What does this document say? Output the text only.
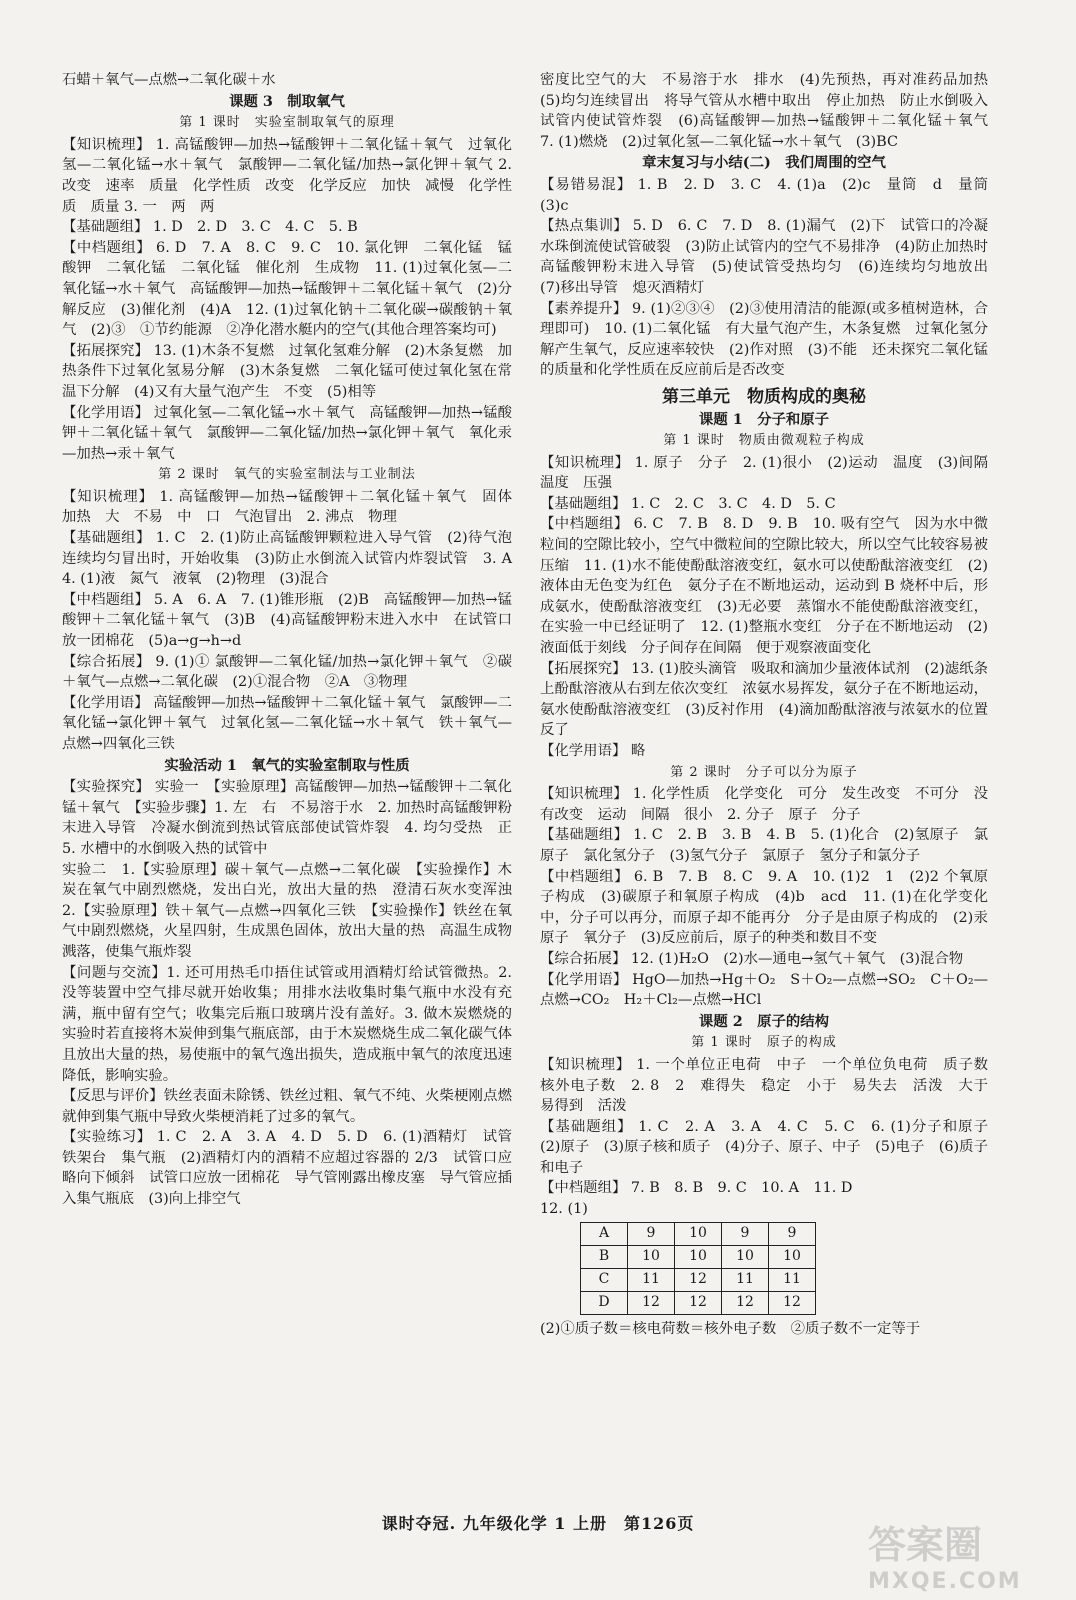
石蜡＋氧气—点燃→二氧化碳＋水

课题 3　制取氧气
第 1 课时　实验室制取氧气的原理

【知识梳理】 1. 高锰酸钾—加热→锰酸钾＋二氧化锰＋氧气　过氧化氢—二氧化锰→水＋氧气　氯酸钾—二氧化锰/加热→氯化钾＋氧气 2. 改变　速率　质量　化学性质　改变　化学反应　加快　减慢　化学性质　质量 3. 一　两　两

【基础题组】 1. D　2. D　3. C　4. C　5. B

【中档题组】 6. D　7. A　8. C　9. C　10. 氯化钾　二氧化锰　锰酸钾　二氧化锰　二氧化锰　催化剂　生成物　11. (1)过氧化氢—二氧化锰→水＋氧气　高锰酸钾—加热→锰酸钾＋二氧化锰＋氧气　(2)分解反应　(3)催化剂　(4)A　12. (1)过氧化钠＋二氧化碳→碳酸钠＋氧气　(2)③　①节约能源　②净化潜水艇内的空气(其他合理答案均可)

【拓展探究】 13. (1)木条不复燃　过氧化氢难分解　(2)木条复燃　加热条件下过氧化氢易分解　(3)木条复燃　二氧化锰可使过氧化氢在常温下分解　(4)又有大量气泡产生　不变　(5)相等

【化学用语】 过氧化氢—二氧化锰→水＋氧气　高锰酸钾—加热→锰酸钾＋二氧化锰＋氧气　氯酸钾—二氧化锰/加热→氯化钾＋氧气　氧化汞—加热→汞＋氧气

第 2 课时　氧气的实验室制法与工业制法

【知识梳理】 1. 高锰酸钾—加热→锰酸钾＋二氧化锰＋氧气　固体　加热　大　不易　中　口　气泡冒出　2. 沸点　物理

【基础题组】 1. C　2. (1)防止高锰酸钾颗粒进入导气管　(2)待气泡连续均匀冒出时，开始收集　(3)防止水倒流入试管内炸裂试管　3. A　4. (1)液　氮气　液氧　(2)物理　(3)混合

【中档题组】 5. A　6. A　7. (1)锥形瓶　(2)B　高锰酸钾—加热→锰酸钾＋二氧化锰＋氧气　(3)B　(4)高锰酸钾粉末进入水中　在试管口放一团棉花　(5)a→g→h→d

【综合拓展】 9. (1)① 氯酸钾—二氧化锰/加热→氯化钾＋氧气　②碳＋氧气—点燃→二氧化碳　(2)①混合物　②A　③物理

【化学用语】 高锰酸钾—加热→锰酸钾＋二氧化锰＋氧气　氯酸钾—二氧化锰→氯化钾＋氧气　过氧化氢—二氧化锰→水＋氧气　铁＋氧气—点燃→四氧化三铁

实验活动 1　氧气的实验室制取与性质

【实验探究】 实验一　【实验原理】高锰酸钾—加热→锰酸钾＋二氧化锰＋氧气　【实验步骤】1. 左　右　不易溶于水　2. 加热时高锰酸钾粉末进入导管　冷凝水倒流到热试管底部使试管炸裂　4. 均匀受热　正　5. 水槽中的水倒吸入热的试管中

实验二　1.【实验原理】碳＋氧气—点燃→二氧化碳　【实验操作】木炭在氧气中剧烈燃烧，发出白光，放出大量的热　澄清石灰水变浑浊　2.【实验原理】铁＋氧气—点燃→四氧化三铁　【实验操作】铁丝在氧气中剧烈燃烧，火星四射，生成黑色固体，放出大量的热　高温生成物溅落，使集气瓶炸裂

【问题与交流】1. 还可用热毛巾捂住试管或用酒精灯给试管微热。2. 没等装置中空气排尽就开始收集；用排水法收集时集气瓶中水没有充满，瓶中留有空气；收集完后瓶口玻璃片没有盖好。3. 做木炭燃烧的实验时若直接将木炭伸到集气瓶底部，由于木炭燃烧生成二氧化碳气体且放出大量的热，易使瓶中的氧气逸出损失，造成瓶中氧气的浓度迅速降低，影响实验。

【反思与评价】铁丝表面未除锈、铁丝过粗、氧气不纯、火柴梗刚点燃就伸到集气瓶中导致火柴梗消耗了过多的氧气。

【实验练习】 1. C　2. A　3. A　4. D　5. D　6. (1)酒精灯　试管　铁架台　集气瓶　(2)酒精灯内的酒精不应超过容器的 2/3　试管口应略向下倾斜　试管口应放一团棉花　导气管刚露出橡皮塞　导气管应插入集气瓶底　(3)向上排空气

密度比空气的大　不易溶于水　排水　(4)先预热，再对准药品加热　(5)均匀连续冒出　将导气管从水槽中取出　停止加热　防止水倒吸入试管内使试管炸裂　(6)高锰酸钾—加热→锰酸钾＋二氧化锰＋氧气　7. (1)燃烧　(2)过氧化氢—二氧化锰→水＋氧气　(3)BC

章末复习与小结(二)　我们周围的空气

【易错易混】 1. B　2. D　3. C　4. (1)a　(2)c　量筒　d　量筒　(3)c

【热点集训】 5. D　6. C　7. D　8. (1)漏气　(2)下　试管口的冷凝水珠倒流使试管破裂　(3)防止试管内的空气不易排净　(4)防止加热时高锰酸钾粉末进入导管　(5)使试管受热均匀　(6)连续均匀地放出　(7)移出导管　熄灭酒精灯

【素养提升】 9. (1)②③④　(2)③使用清洁的能源(或多植树造林，合理即可)　10. (1)二氧化锰　有大量气泡产生，木条复燃　过氧化氢分解产生氧气，反应速率较快　(2)作对照　(3)不能　还未探究二氧化锰的质量和化学性质在反应前后是否改变

第三单元　物质构成的奥秘
课题 1　分子和原子
第 1 课时　物质由微观粒子构成

【知识梳理】 1. 原子　分子　2. (1)很小　(2)运动　温度　(3)间隔　温度　压强

【基础题组】 1. C　2. C　3. C　4. D　5. C

【中档题组】 6. C　7. B　8. D　9. B　10. 吸有空气　因为水中微粒间的空隙比较小，空气中微粒间的空隙比较大，所以空气比较容易被压缩　11. (1)水不能使酚酞溶液变红，氨水可以使酚酞溶液变红　(2)液体由无色变为红色　氨分子在不断地运动，运动到 B 烧杯中后，形成氨水，使酚酞溶液变红　(3)无必要　蒸馏水不能使酚酞溶液变红，在实验一中已经证明了　12. (1)整瓶水变红　分子在不断地运动　(2)液面低于刻线　分子间存在间隔　便于观察液面变化

【拓展探究】 13. (1)胶头滴管　吸取和滴加少量液体试剂　(2)滤纸条上酚酞溶液从右到左依次变红　浓氨水易挥发，氨分子在不断地运动，氨水使酚酞溶液变红　(3)反衬作用　(4)滴加酚酞溶液与浓氨水的位置反了

【化学用语】 略

第 2 课时　分子可以分为原子

【知识梳理】 1. 化学性质　化学变化　可分　发生改变　不可分　没有改变　运动　间隔　很小　2. 分子　原子　分子

【基础题组】 1. C　2. B　3. B　4. B　5. (1)化合　(2)氢原子　氯原子　氯化氢分子　(3)氢气分子　氯原子　氢分子和氯分子

【中档题组】 6. B　7. B　8. C　9. A　10. (1)2　1　(2)2 个氧原子构成　(3)碳原子和氧原子构成　(4)b　acd　11. (1)在化学变化中，分子可以再分，而原子却不能再分　分子是由原子构成的　(2)汞原子　氧分子　(3)反应前后，原子的种类和数目不变

【综合拓展】 12. (1)H₂O　(2)水—通电→氢气＋氧气　(3)混合物

【化学用语】 HgO—加热→Hg＋O₂　S＋O₂—点燃→SO₂　C＋O₂—点燃→CO₂　H₂＋Cl₂—点燃→HCl

课题 2　原子的结构
第 1 课时　原子的构成

【知识梳理】 1. 一个单位正电荷　中子　一个单位负电荷　质子数　核外电子数　2. 8　2　难得失　稳定　小于　易失去　活泼　大于　易得到　活泼

【基础题组】 1. C　2. A　3. A　4. C　5. C　6. (1)分子和原子　(2)原子　(3)原子核和质子　(4)分子、原子、中子　(5)电子　(6)质子和电子

【中档题组】 7. B　8. B　9. C　10. A　11. D

12. (1)

A	9	10	9	9
B	10	10	10	10
C	11	12	11	11
D	12	12	12	12

(2)①质子数＝核电荷数＝核外电子数　②质子数不一定等于

课时夺冠. 九年级化学 1 上册　第126页	答案圈
MXQE.COM
